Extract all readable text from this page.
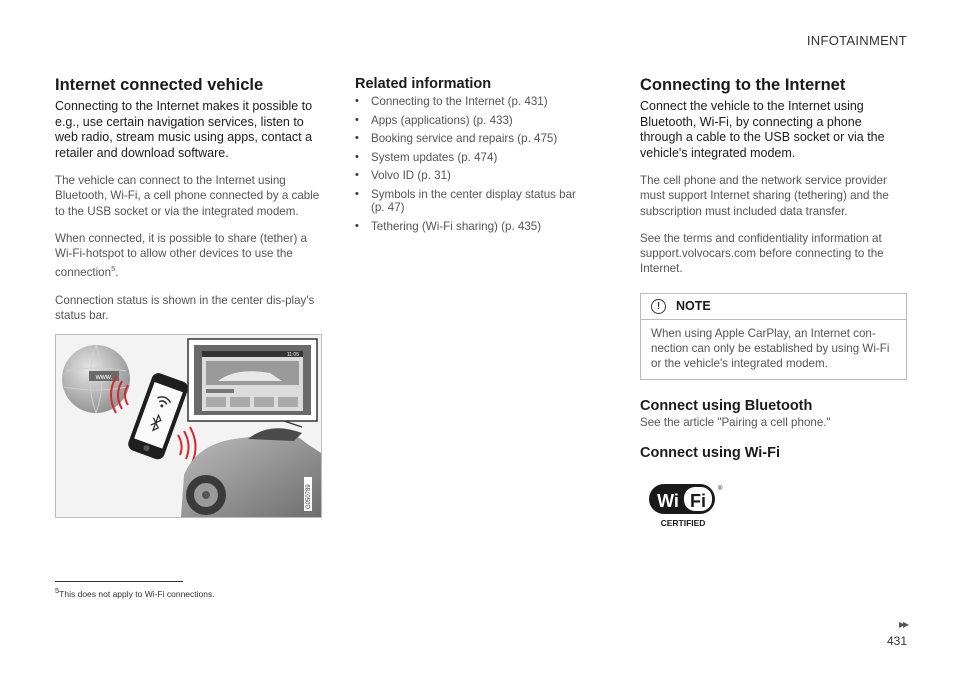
INFOTAINMENT
Internet connected vehicle

Connecting to the Internet makes it possible to e.g., use certain navigation services, listen to web radio, stream music using apps, contact a retailer and download software.

The vehicle can connect to the Internet using Bluetooth, Wi-Fi, a cell phone connected by a cable to the USB socket or via the integrated modem.

When connected, it is possible to share (tether) a Wi-Fi-hotspot to allow other devices to use the connection$^5$.

Connection status is shown in the center dis-play's status bar.

www.
11:05
G050789
Related information
• Connecting to the Internet (p. 431)
• Apps (applications) (p. 433)
• Booking service and repairs (p. 475)
• System updates (p. 474)
• Volvo ID (p. 31)
• Symbols in the center display status bar (p. 47)
• Tethering (Wi-Fi sharing) (p. 435)
Connecting to the Internet

Connect the vehicle to the Internet using Bluetooth, Wi-Fi, by connecting a phone through a cable to the USB socket or via the vehicle's integrated modem.

The cell phone and the network service provider must support Internet sharing (tethering) and the subscription must included data transfer.

See the terms and confidentiality information at support.volvocars.com before connecting to the Internet.

!	NOTE
When using Apple CarPlay, an Internet con-nection can only be established by using Wi-Fi or the vehicle's integrated modem.
Connect using Bluetooth

See the article "Pairing a cell phone."

Connect using Wi-Fi
Wi Fi
®
CERTIFIED
$^5$This does not apply to Wi-Fi connections.
▸▸
431
